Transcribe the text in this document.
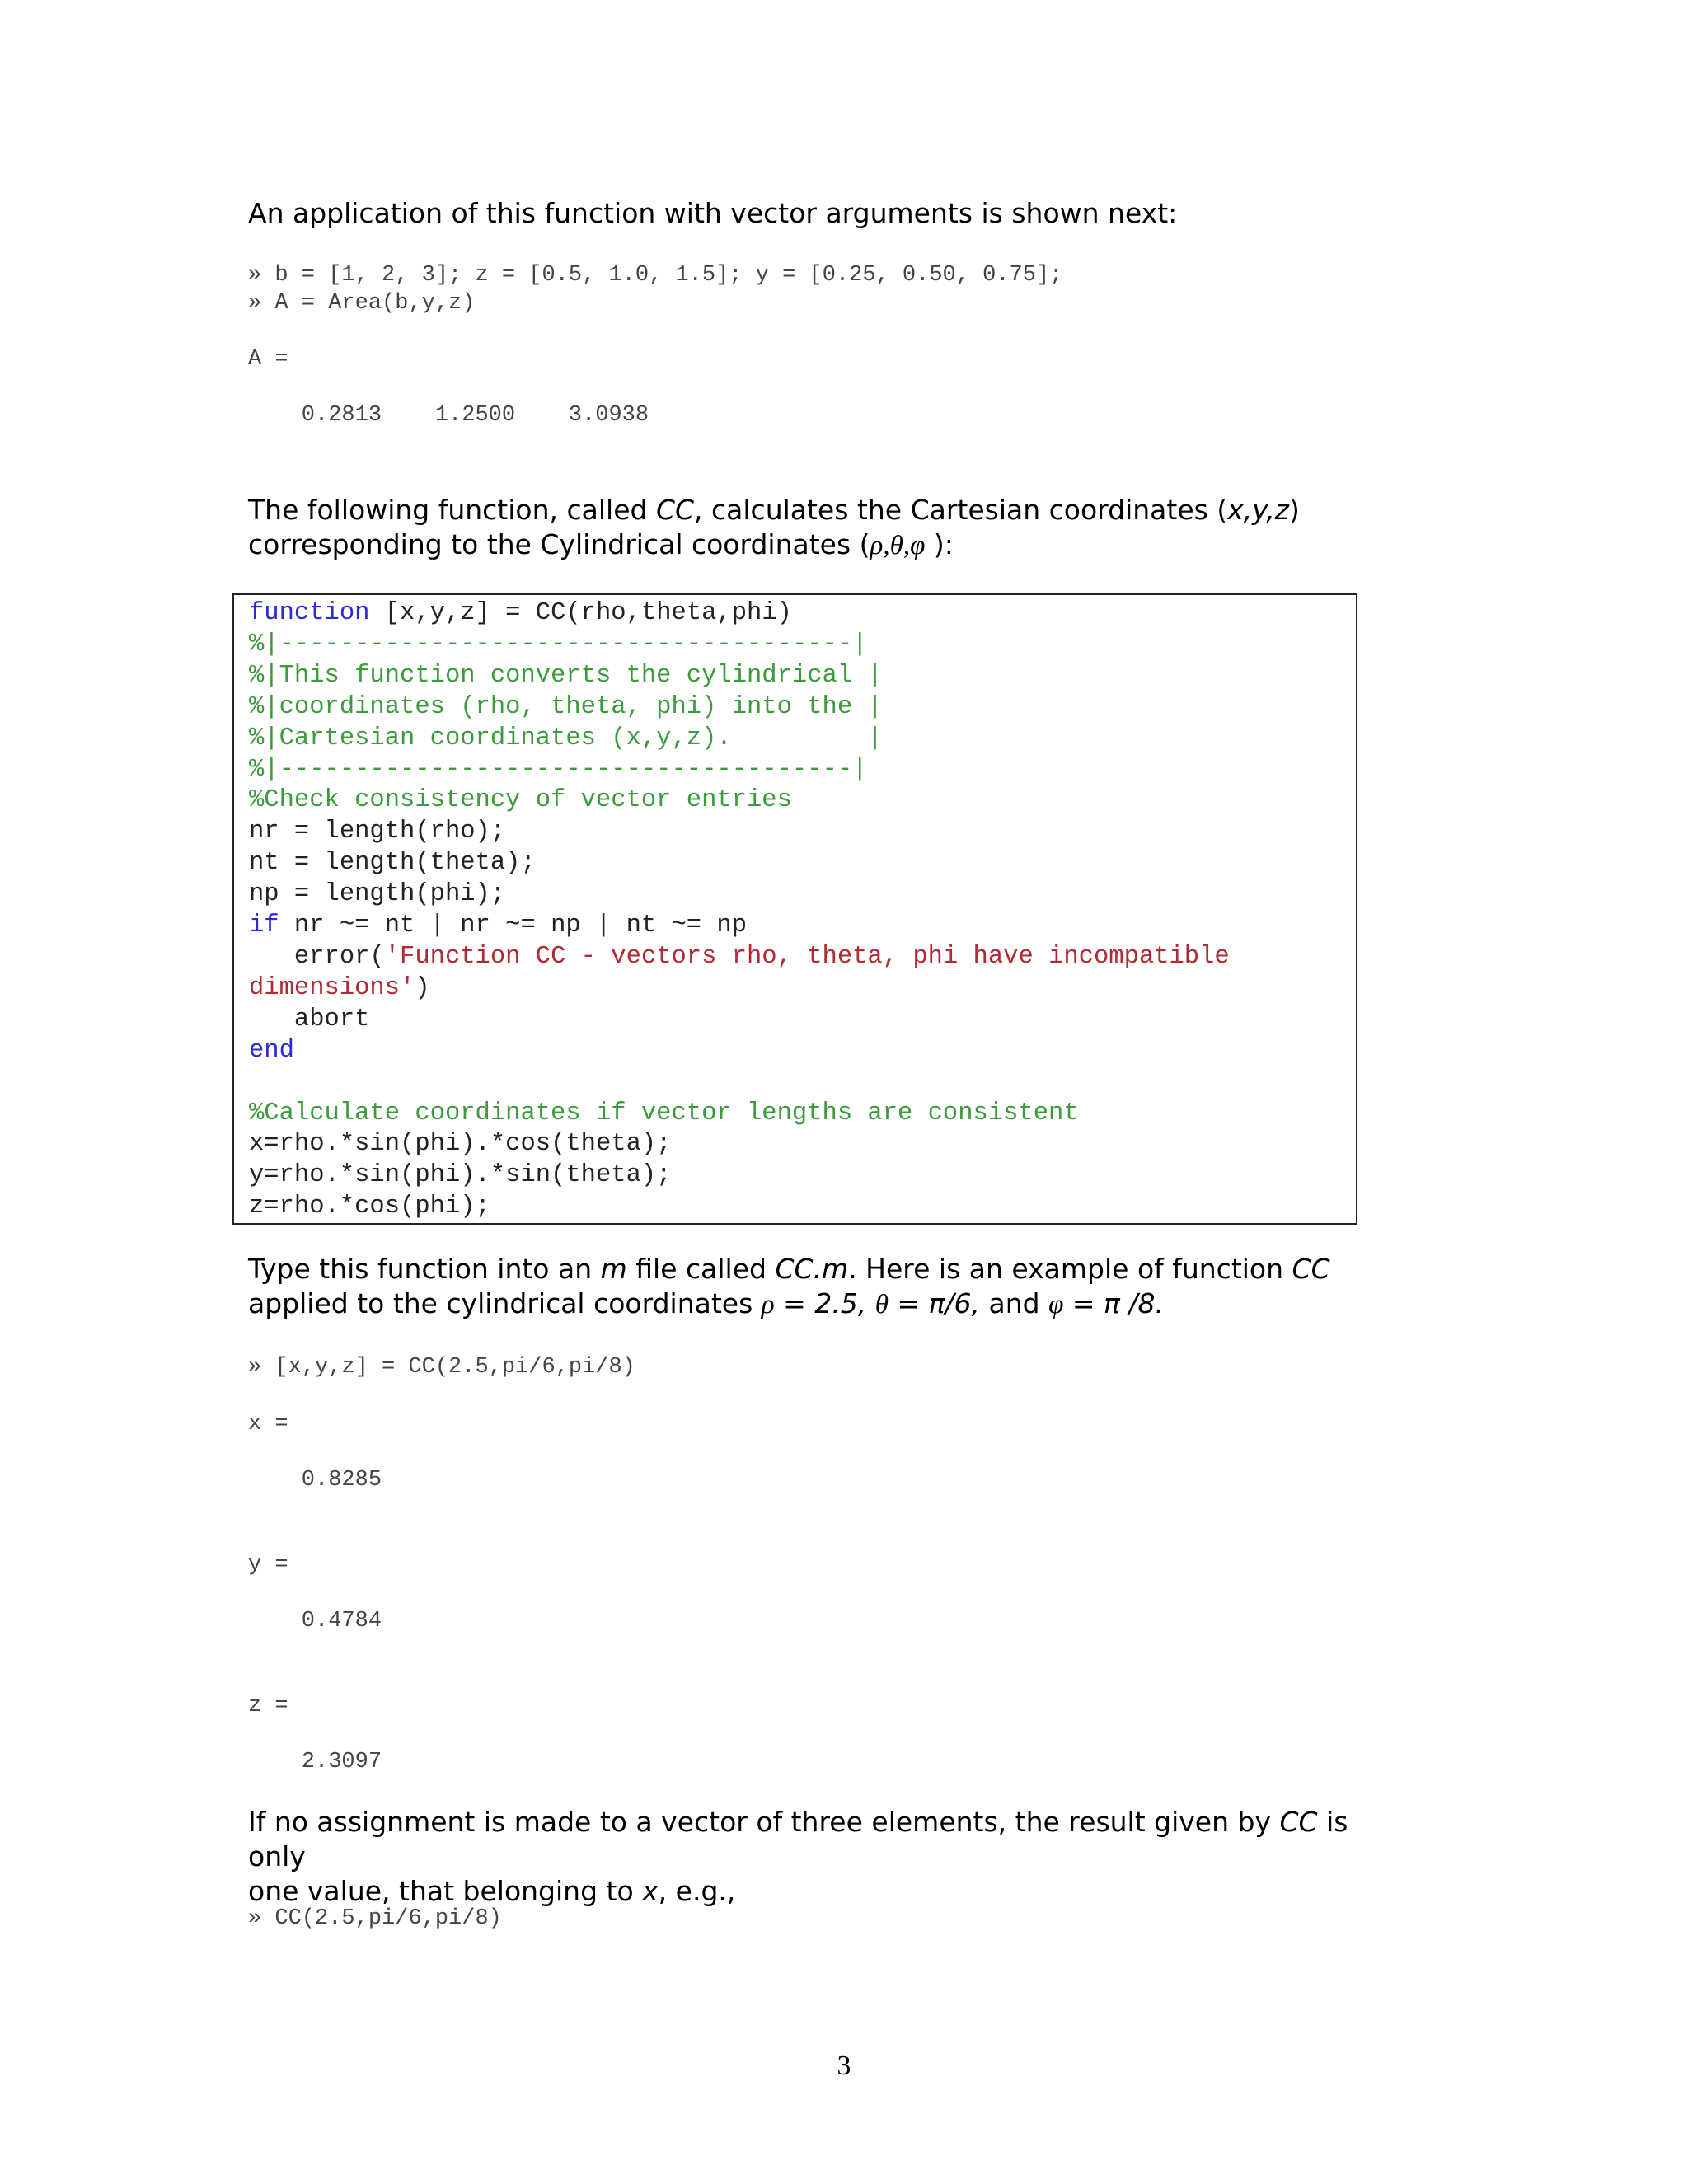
An application of this function with vector arguments is shown next:
» b = [1, 2, 3]; z = [0.5, 1.0, 1.5]; y = [0.25, 0.50, 0.75];
» A = Area(b,y,z)

A =

0.2813    1.2500    3.0938
The following function, called CC, calculates the Cartesian coordinates (x,y,z)
corresponding to the Cylindrical coordinates (ρ,θ,φ ):
function [x,y,z] = CC(rho,theta,phi)
%|--------------------------------------|
%|This function converts the cylindrical |
%|coordinates (rho, theta, phi) into the |
%|Cartesian coordinates (x,y,z).         |
%|--------------------------------------|
%Check consistency of vector entries
nr = length(rho);
nt = length(theta);
np = length(phi);
if nr ~= nt | nr ~= np | nt ~= np
error('Function CC - vectors rho, theta, phi have incompatible
dimensions')
abort
end

%Calculate coordinates if vector lengths are consistent
x=rho.*sin(phi).*cos(theta);
y=rho.*sin(phi).*sin(theta);
z=rho.*cos(phi);
Type this function into an m file called CC.m. Here is an example of function CC
applied to the cylindrical coordinates ρ = 2.5, θ = π/6, and φ = π /8.
» [x,y,z] = CC(2.5,pi/6,pi/8)
x =
0.8285
y =
0.4784
z =
2.3097
If no assignment is made to a vector of three elements, the result given by CC is only
one value, that belonging to x, e.g.,
» CC(2.5,pi/6,pi/8)
3
